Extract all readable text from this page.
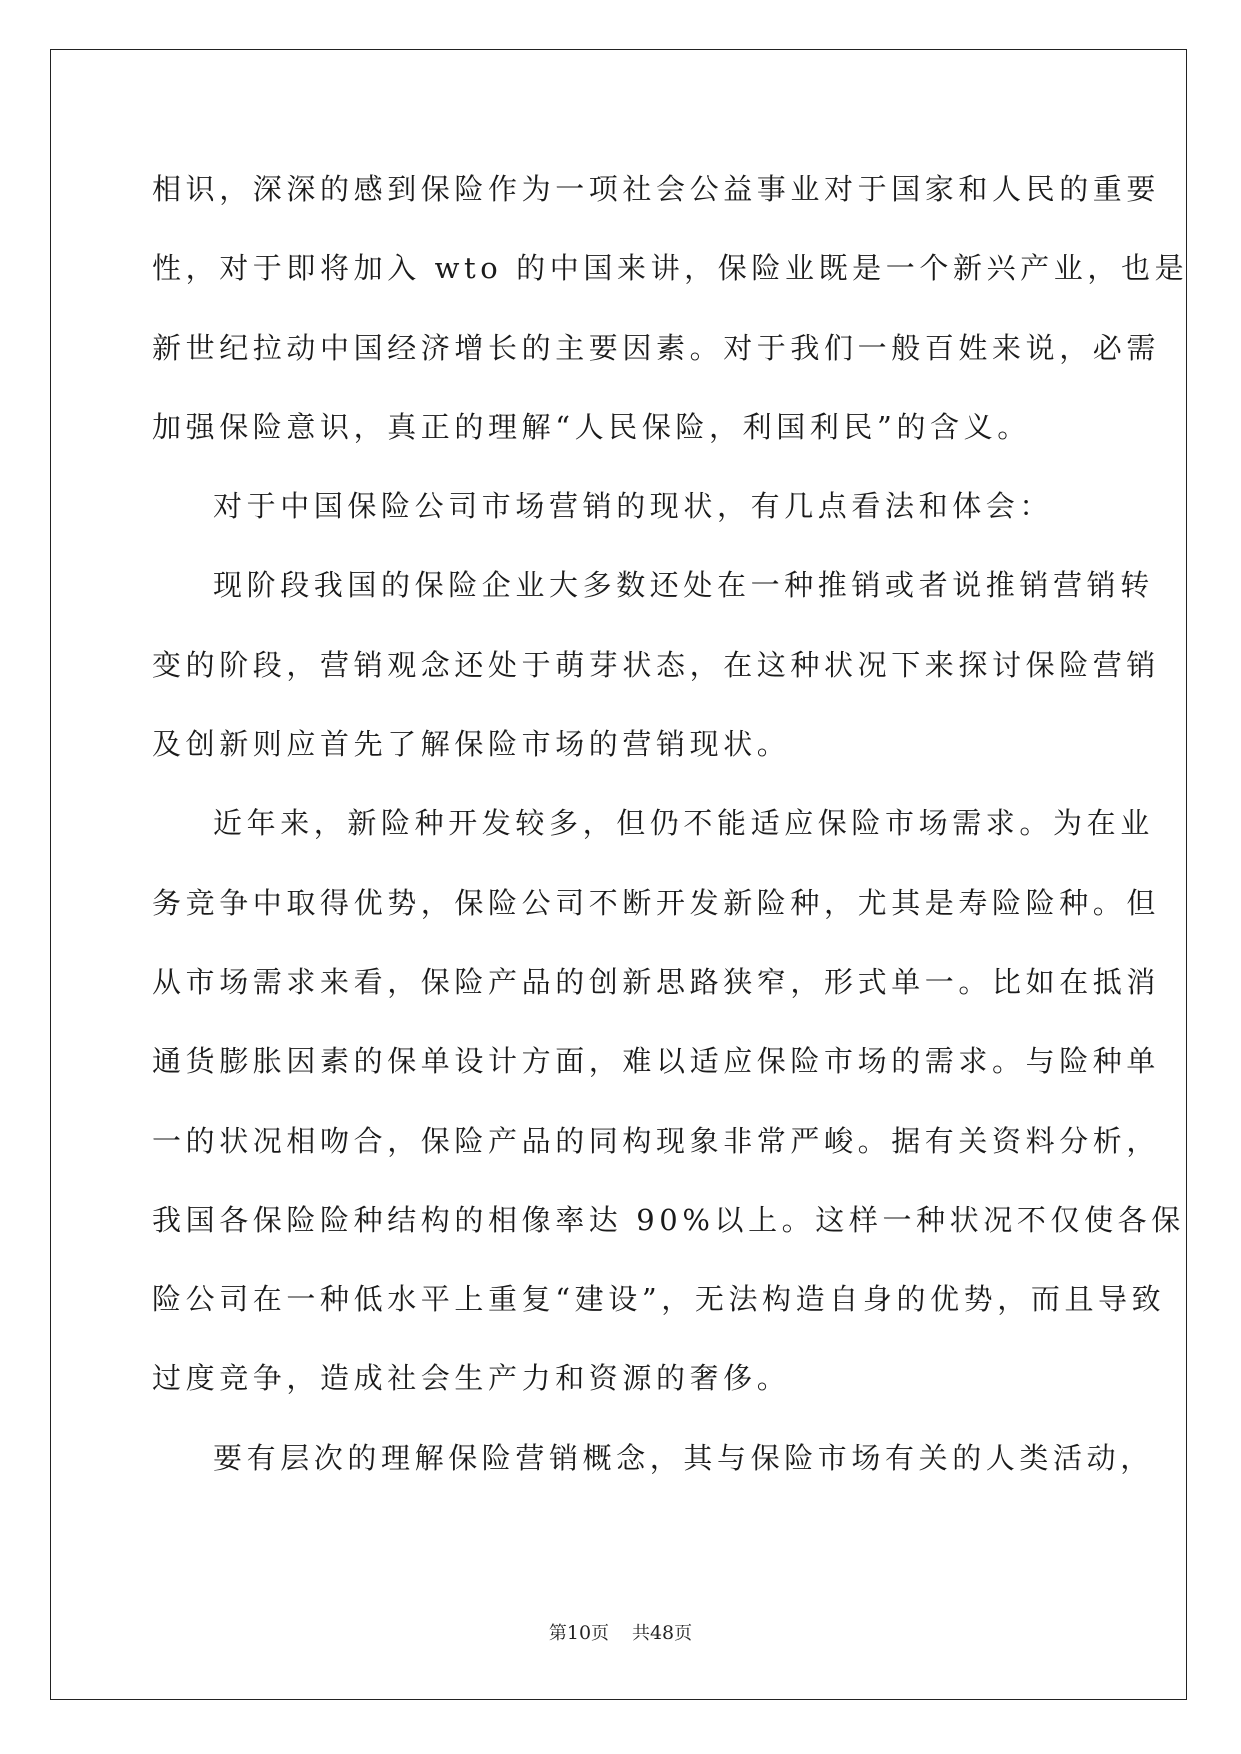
相识，深深的感到保险作为一项社会公益事业对于国家和人民的重要
性，对于即将加入 wto 的中国来讲，保险业既是一个新兴产业，也是
新世纪拉动中国经济增长的主要因素。对于我们一般百姓来说，必需
加强保险意识，真正的理解“人民保险，利国利民”的含义。
对于中国保险公司市场营销的现状，有几点看法和体会：
现阶段我国的保险企业大多数还处在一种推销或者说推销营销转
变的阶段，营销观念还处于萌芽状态，在这种状况下来探讨保险营销
及创新则应首先了解保险市场的营销现状。
近年来，新险种开发较多，但仍不能适应保险市场需求。为在业
务竞争中取得优势，保险公司不断开发新险种，尤其是寿险险种。但
从市场需求来看，保险产品的创新思路狭窄，形式单一。比如在抵消
通货膨胀因素的保单设计方面，难以适应保险市场的需求。与险种单
一的状况相吻合，保险产品的同构现象非常严峻。据有关资料分析，
我国各保险险种结构的相像率达 90%以上。这样一种状况不仅使各保
险公司在一种低水平上重复“建设”，无法构造自身的优势，而且导致
过度竞争，造成社会生产力和资源的奢侈。
要有层次的理解保险营销概念，其与保险市场有关的人类活动，
第10页 共48页
